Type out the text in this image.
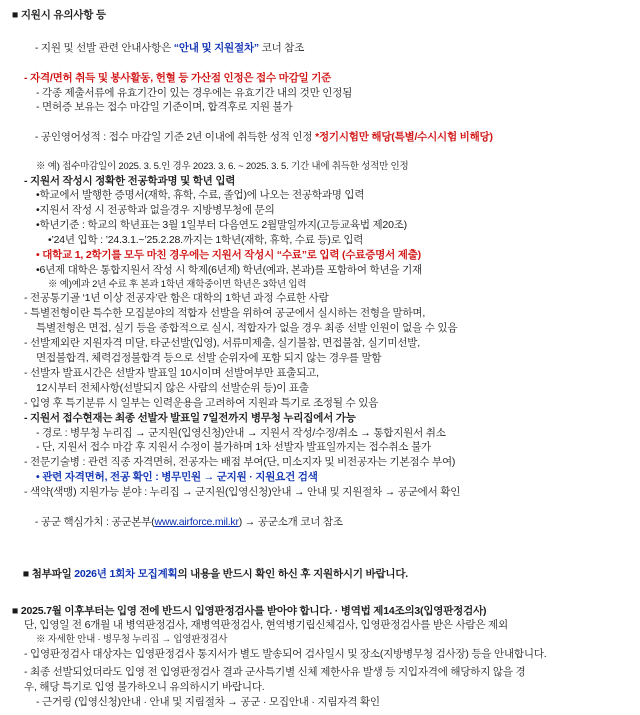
■ 지원시 유의사항 등

- 지원 및 선발 관련 안내사항은 “안내 및 지원절차” 코너 참조

- 자격/면허 취득 및 봉사활동, 헌혈 등 가산점 인정은 접수 마감일 기준
- 각종 제출서류에 유효기간이 있는 경우에는 유효기간 내의 것만 인정됨
- 면허증 보유는 접수 마감일 기준이며, 합격후로 지원 불가

- 공인영어성적 : 접수 마감일 기준 2년 이내에 취득한 성적 인정 *정기시험만 해당(특별/수시시험 비해당)

※ 예) 접수마감일이 2025. 3. 5.인 경우 2023. 3. 6. ~ 2025. 3. 5. 기간 내에 취득한 성적만 인정
- 지원서 작성시 정확한 전공학과명 및 학년 입력
•학교에서 발행한 증명서(재학, 휴학, 수료, 졸업)에 나오는 전공학과명 입력
•지원서 작성 시 전공학과 없을경우 지방병무청에 문의
•학년기준 : 학교의 학년표는 3월 1일부터 다음연도 2월말일까지(고등교육법 제20조)
•’24년 입학 : ’24.3.1.~’25.2.28.까지는 1학년(재학, 휴학, 수료 등)로 입력
• 대학교 1, 2학기를 모두 마친 경우에는 지원서 작성시 “수료”로 입력 (수료증명서 제출)
•6년제 대학은 통합지원서 작성 시 학제(6년제) 학년(예과, 본과)를 포함하여 학년을 기재
※ 예)예과 2년 수료 후 본과 1학년 재학중이면 학년은 3학년 입력
- 전공통기골 ‘1년 이상 전공자’란 함은 대학의 1학년 과정 수료한 사람
- 특별전형이란 특수한 모집분야의 적합자 선발을 위하여 공군에서 실시하는 전형을 말하며,
특별전형은 면접, 실기 등을 종합적으로 실시, 적합자가 없을 경우 최종 선발 인원이 없을 수 있음
- 선발제외란 지원자격 미달, 타군선발(입영), 서류미제출, 실기불참, 면접불참, 실기미선발,
면접불합격, 체력검정불합격 등으로 선발 순위자에 포함 되지 않는 경우를 말함
- 선발자 발표시간은 선발자 발표일 10시이며 선발여부만 표출되고,
12시부터 전체사항(선발되지 않은 사람의 선발순위 등)이 표출
- 입영 후 특기분류 시 일부는 인력운용을 고려하여 지원과 특기로 조정될 수 있음
- 지원서 접수현재는 최종 선발자 발표일 7일전까지 병무청 누리집에서 가능
- 경로 : 병무청 누리집 → 군지원(입영신청)안내 → 지원서 작성/수정/취소 → 통합지원서 취소
- 단, 지원서 접수 마감 후 지원서 수정이 불가하며 1차 선발자 발표일까지는 접수취소 불가
- 전문기술병 : 관련 직종 자격면허, 전공자는 배점 부여(단, 미소지자 및 비전공자는 기본점수 부여)
• 관련 자격면허, 전공 확인 : 병무민원 → 군지원 · 지원요건 검색
- 색약(색맹) 지원가능 분야 : 누리집 → 군지원(입영신청)안내 → 안내 및 지원절차 → 공군에서 확인

- 공군 핵심가치 : 공군본부(www.airforce.mil.kr) → 공군소개 코너 참조

■ 첨부파일 2026년 1회차 모집계획의 내용을 반드시 확인 하신 후 지원하시기 바랍니다.

■ 2025.7월 이후부터는 입영 전에 반드시 입영판정검사를 받아야 합니다. · 병역법 제14조의3(입영판정검사)
단, 입영일 전 6개월 내 병역판정검사, 재병역판정검사, 현역병기립신체검사, 입영판정검사를 받은 사람은 제외
※ 자세한 안내 · 병무청 누리집 → 입영판정검사
- 입영판정검사 대상자는 입영판정검사 통지서가 별도 발송되어 검사일시 및 장소(지방병무청 검사장) 등을 안내합니다.
- 최종 선발되었더라도 입영 전 입영판정검사 결과 군사특기별 신체 제한사유 발생 등 지입자격에 해당하지 않을 경
우, 해당 특기로 입영 불가하오니 유의하시기 바랍니다.
- 근거링 (입영신청)안내 · 안내 및 지림절차 → 공군 · 모집안내 · 지림자격 확인
